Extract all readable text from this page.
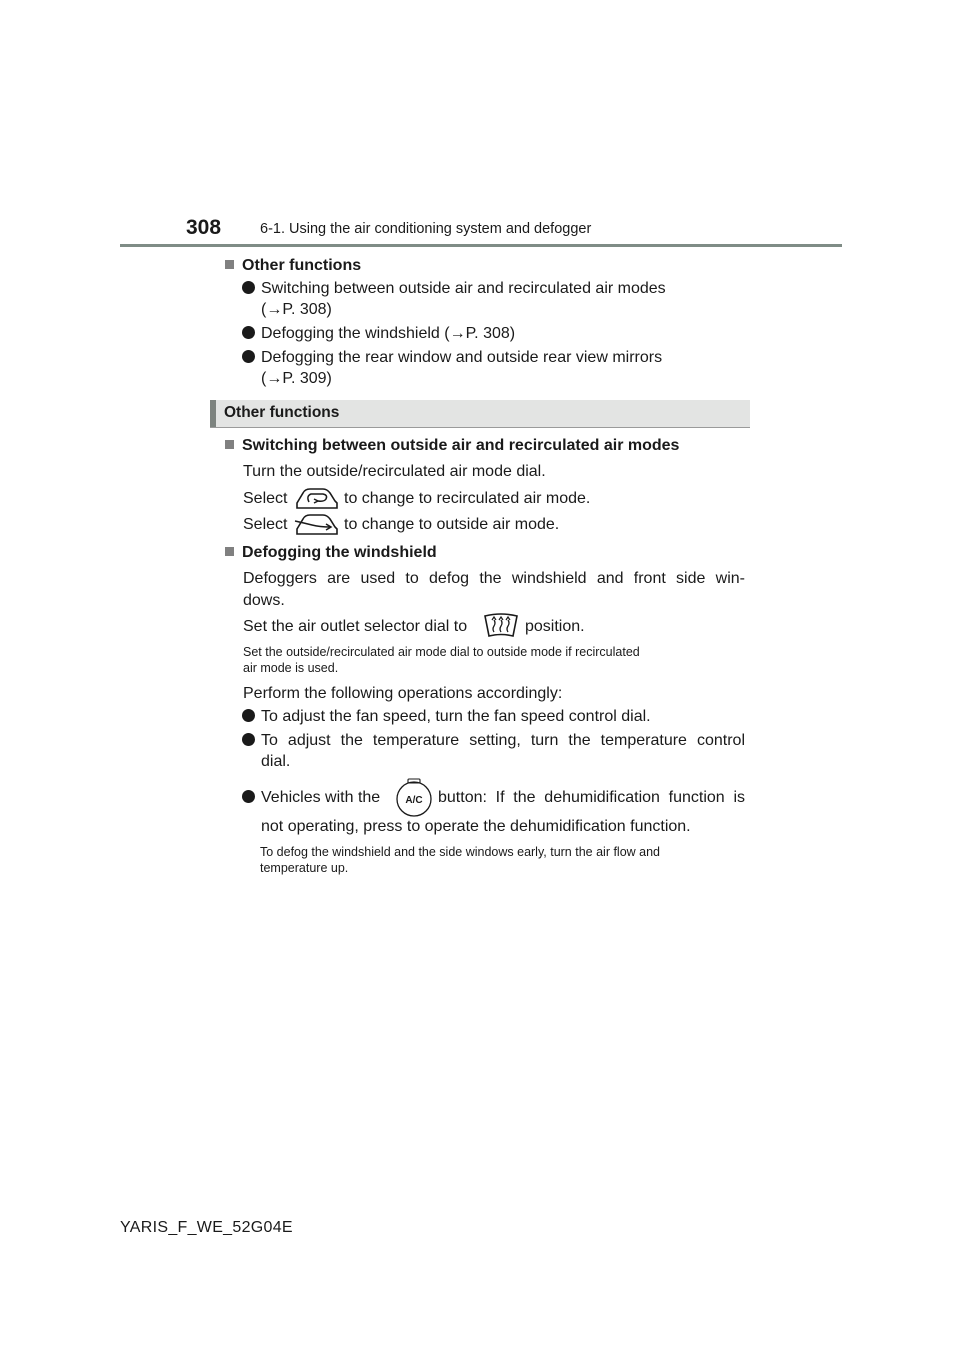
308	6-1. Using the air conditioning system and defogger
Other functions
Switching between outside air and recirculated air modes
(→P. 308)
Defogging the windshield (→P. 308)
Defogging the rear window and outside rear view mirrors
(→P. 309)
Other functions
Switching between outside air and recirculated air modes
Turn the outside/recirculated air mode dial.
Select	to change to recirculated air mode.
Select	to change to outside air mode.
Defogging the windshield
Defoggers are used to defog the windshield and front side win-
dows.
Set the air outlet selector dial to	position.
Set the outside/recirculated air mode dial to outside mode if recirculated
air mode is used.
Perform the following operations accordingly:
To adjust the fan speed, turn the fan speed control dial.
To adjust the temperature setting, turn the temperature control
dial.
Vehicles with the	A/C button: If the dehumidification function is
not operating, press to operate the dehumidification function.
To defog the windshield and the side windows early, turn the air flow and
temperature up.
YARIS_F_WE_52G04E
